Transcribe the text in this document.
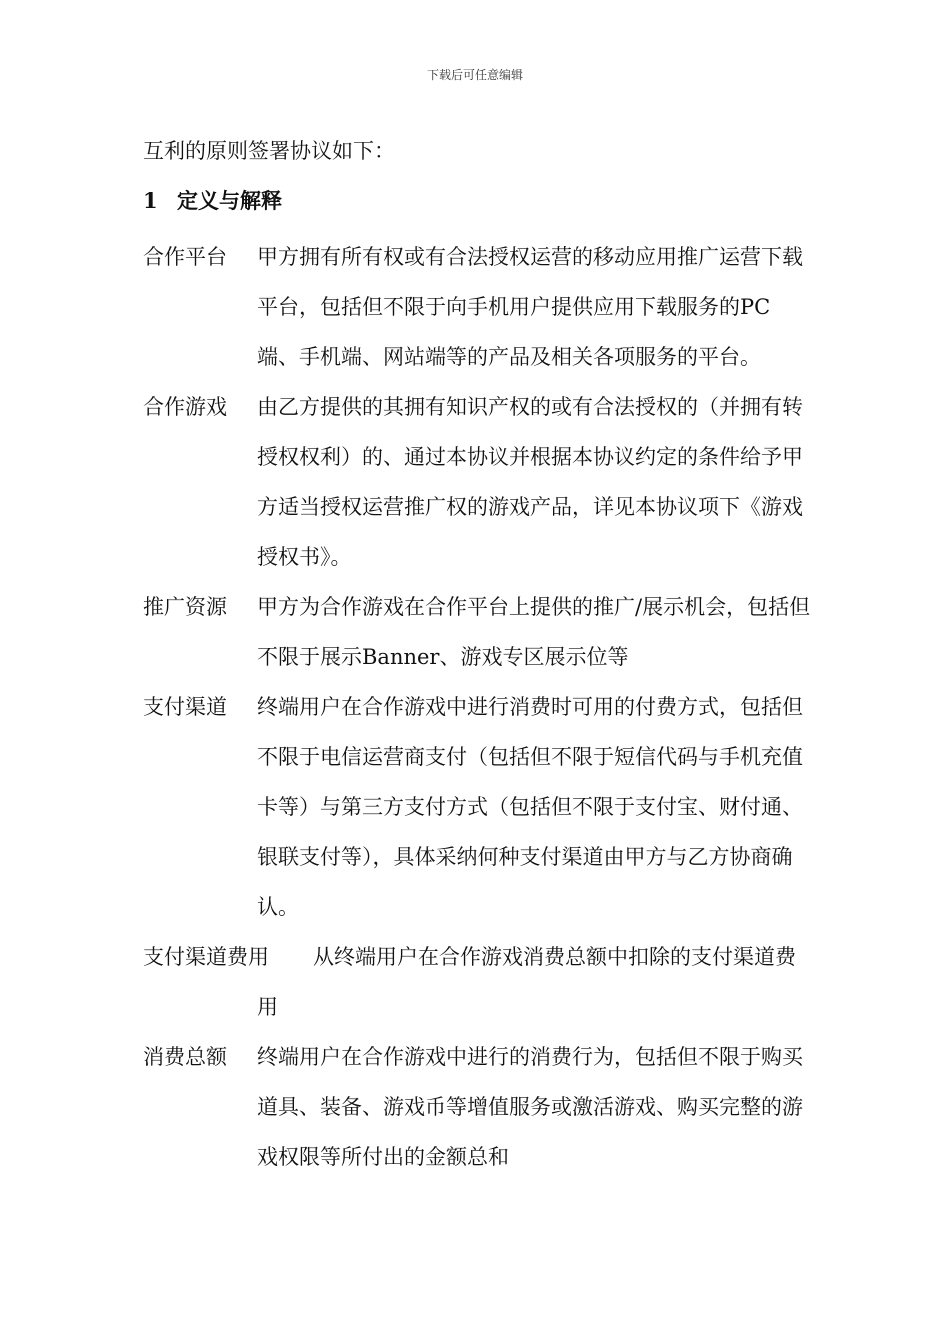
下载后可任意编辑
互利的原则签署协议如下：
1 定义与解释
合作平台 甲方拥有所有权或有合法授权运营的移动应用推广运营下载平台，包括但不限于向手机用户提供应用下载服务的PC端、手机端、网站端等的产品及相关各项服务的平台。
合作游戏 由乙方提供的其拥有知识产权的或有合法授权的（并拥有转授权权利）的、通过本协议并根据本协议约定的条件给予甲方适当授权运营推广权的游戏产品，详见本协议项下《游戏授权书》。
推广资源 甲方为合作游戏在合作平台上提供的推广/展示机会，包括但不限于展示Banner、游戏专区展示位等
支付渠道 终端用户在合作游戏中进行消费时可用的付费方式，包括但不限于电信运营商支付（包括但不限于短信代码与手机充值卡等）与第三方支付方式（包括但不限于支付宝、财付通、银联支付等），具体采纳何种支付渠道由甲方与乙方协商确认。
支付渠道费用	从终端用户在合作游戏消费总额中扣除的支付渠道费用
消费总额 终端用户在合作游戏中进行的消费行为，包括但不限于购买道具、装备、游戏币等增值服务或激活游戏、购买完整的游戏权限等所付出的金额总和
